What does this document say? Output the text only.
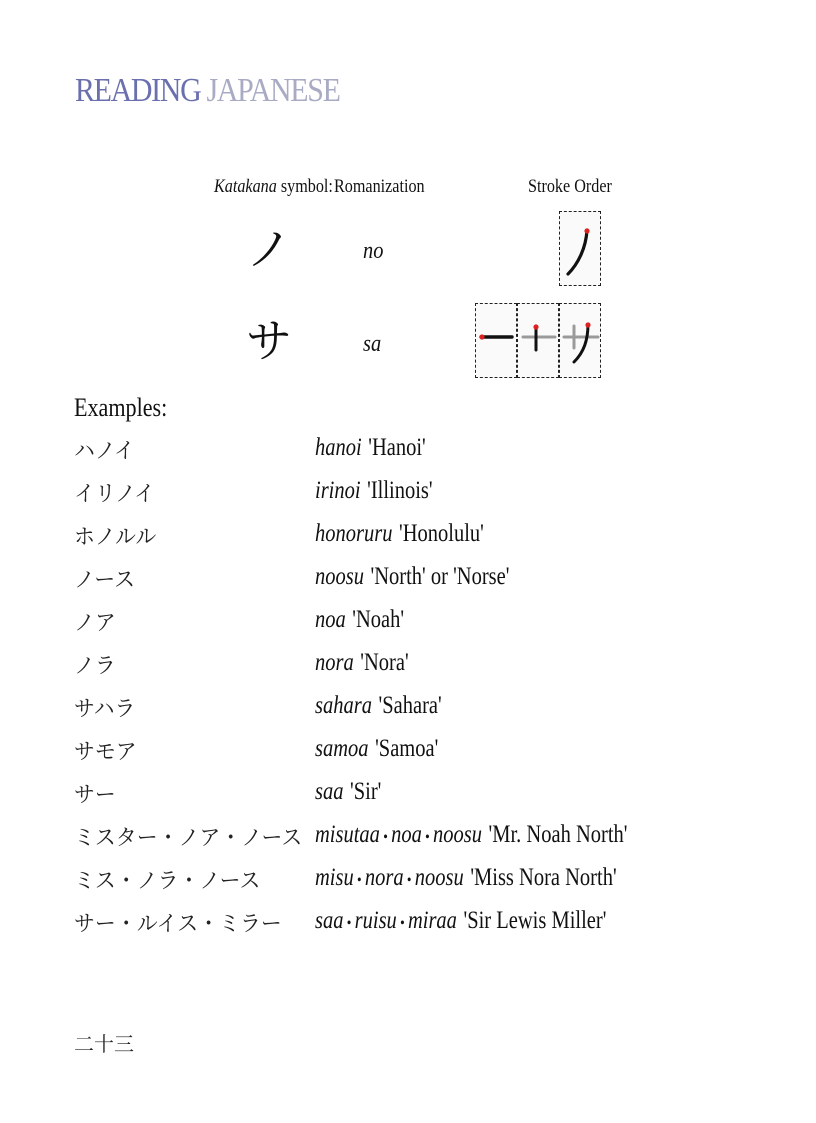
READING JAPANESE
Katakana symbol: Romanization	Stroke Order
ノ	no
サ	sa
Examples:
ハノイ	hanoi 'Hanoi'
イリノイ	irinoi 'Illinois'
ホノルル	honoruru 'Honolulu'
ノース	noosu 'North' or 'Norse'
ノア	noa 'Noah'
ノラ	nora 'Nora'
サハラ	sahara 'Sahara'
サモア	samoa 'Samoa'
サー	saa 'Sir'
ミスター・ノア・ノース misutaa • noa • noosu 'Mr. Noah North'
ミス・ノラ・ノース misu • nora • noosu 'Miss Nora North'
サー・ルイス・ミラー saa • ruisu • miraa 'Sir Lewis Miller'
二十三
